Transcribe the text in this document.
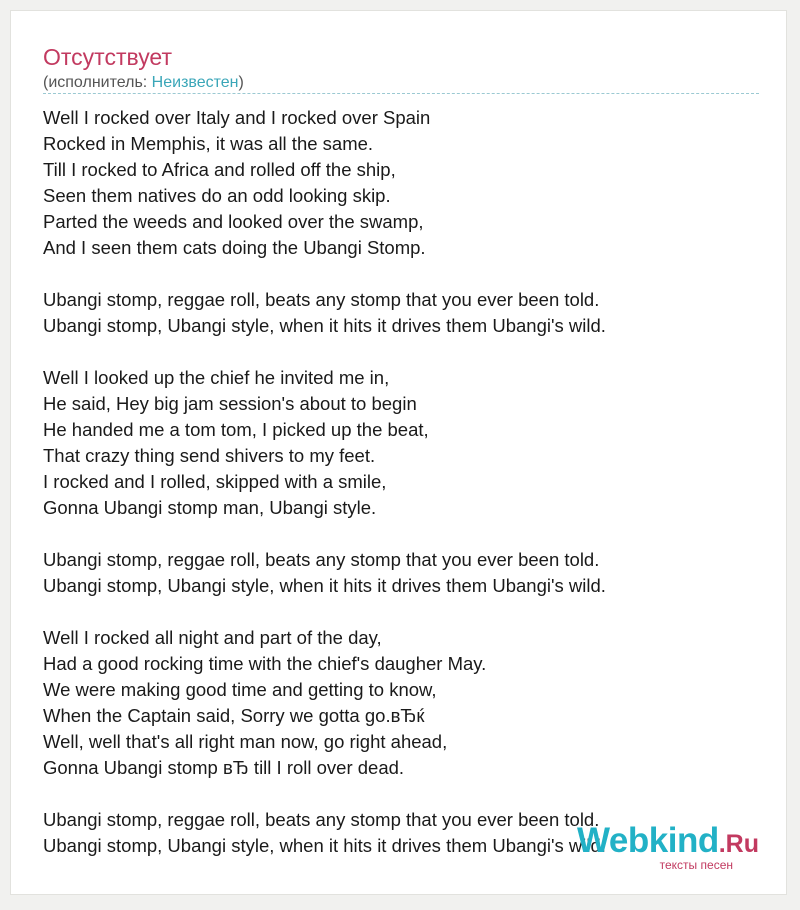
Отсутствует
(исполнитель: Неизвестен)
Well I rocked over Italy and I rocked over Spain
Rocked in Memphis, it was all the same.
Till I rocked to Africa and rolled off the ship,
Seen them natives do an odd looking skip.
Parted the weeds and looked over the swamp,
And I seen them cats doing the Ubangi Stomp.
Ubangi stomp, reggae roll, beats any stomp that you ever been told.
Ubangi stomp, Ubangi style, when it hits it drives them Ubangi's wild.
Well I looked up the chief he invited me in,
He said, Hey big jam session's about to begin
He handed me a tom tom, I picked up the beat,
That crazy thing send shivers to my feet.
I rocked and I rolled, skipped with a smile,
Gonna Ubangi stomp man, Ubangi style.
Ubangi stomp, reggae roll, beats any stomp that you ever been told.
Ubangi stomp, Ubangi style, when it hits it drives them Ubangi's wild.
Well I rocked all night and part of the day,
Had a good rocking time with the chief's daugher May.
We were making good time and getting to know,
When the Captain said, Sorry we gotta go.вЂќ
Well, well that's all right man now, go right ahead,
Gonna Ubangi stomp вЂ till I roll over dead.
Ubangi stomp, reggae roll, beats any stomp that you ever been told.
Ubangi stomp, Ubangi style, when it hits it drives them Ubangi's wild.
Webkind.Ru
тексты песен
